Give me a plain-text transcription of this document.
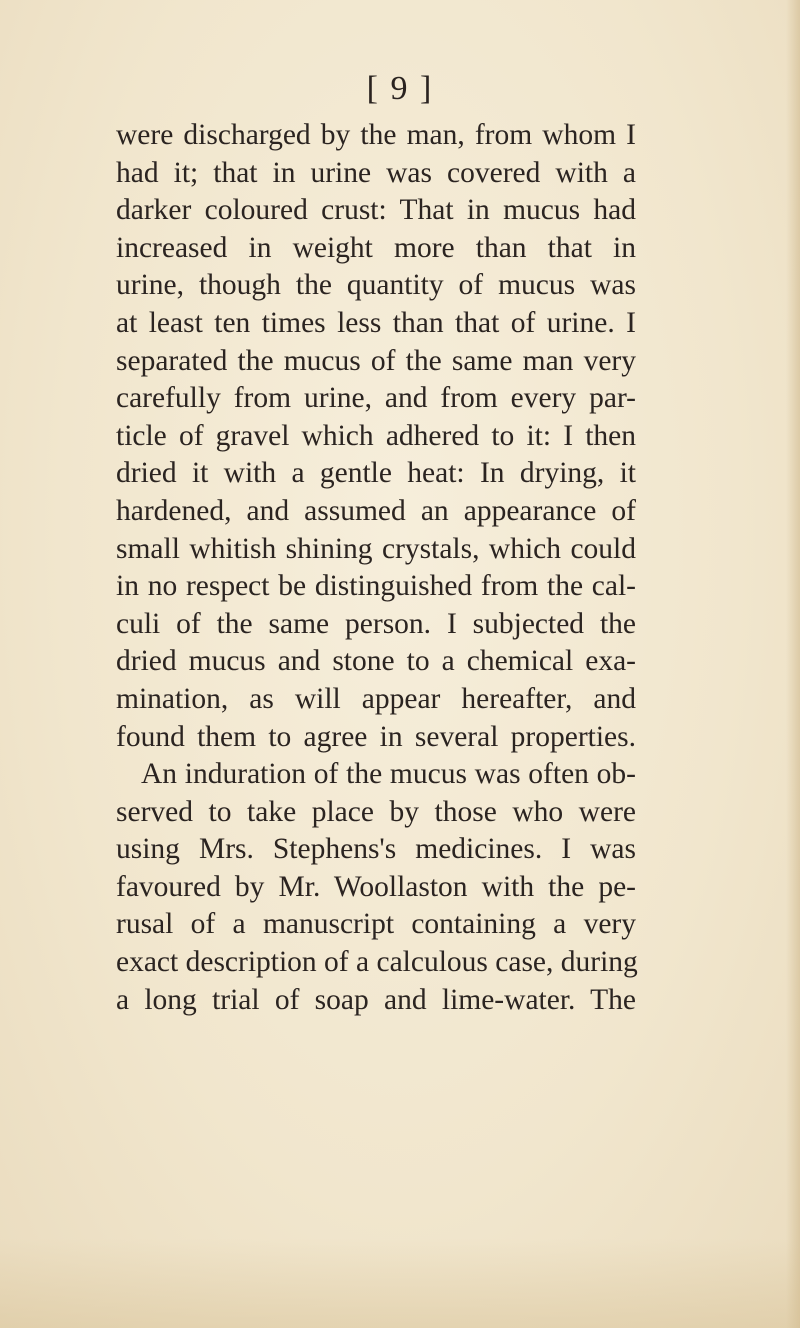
[ 9 ]
were discharged by the man, from whom I
had it; that in urine was covered with a
darker coloured crust: That in mucus had
increased in weight more than that in
urine, though the quantity of mucus was
at least ten times less than that of urine. I
separated the mucus of the same man very
carefully from urine, and from every par-
ticle of gravel which adhered to it: I then
dried it with a gentle heat: In drying, it
hardened, and assumed an appearance of
small whitish shining crystals, which could
in no respect be distinguished from the cal-
culi of the same person. I subjected the
dried mucus and stone to a chemical exa-
mination, as will appear hereafter, and
found them to agree in several properties.
An induration of the mucus was often ob-
served to take place by those who were
using Mrs. Stephens's medicines. I was
favoured by Mr. Woollaston with the pe-
rusal of a manuscript containing a very
exact description of a calculous case, during
a long trial of soap and lime-water. The
